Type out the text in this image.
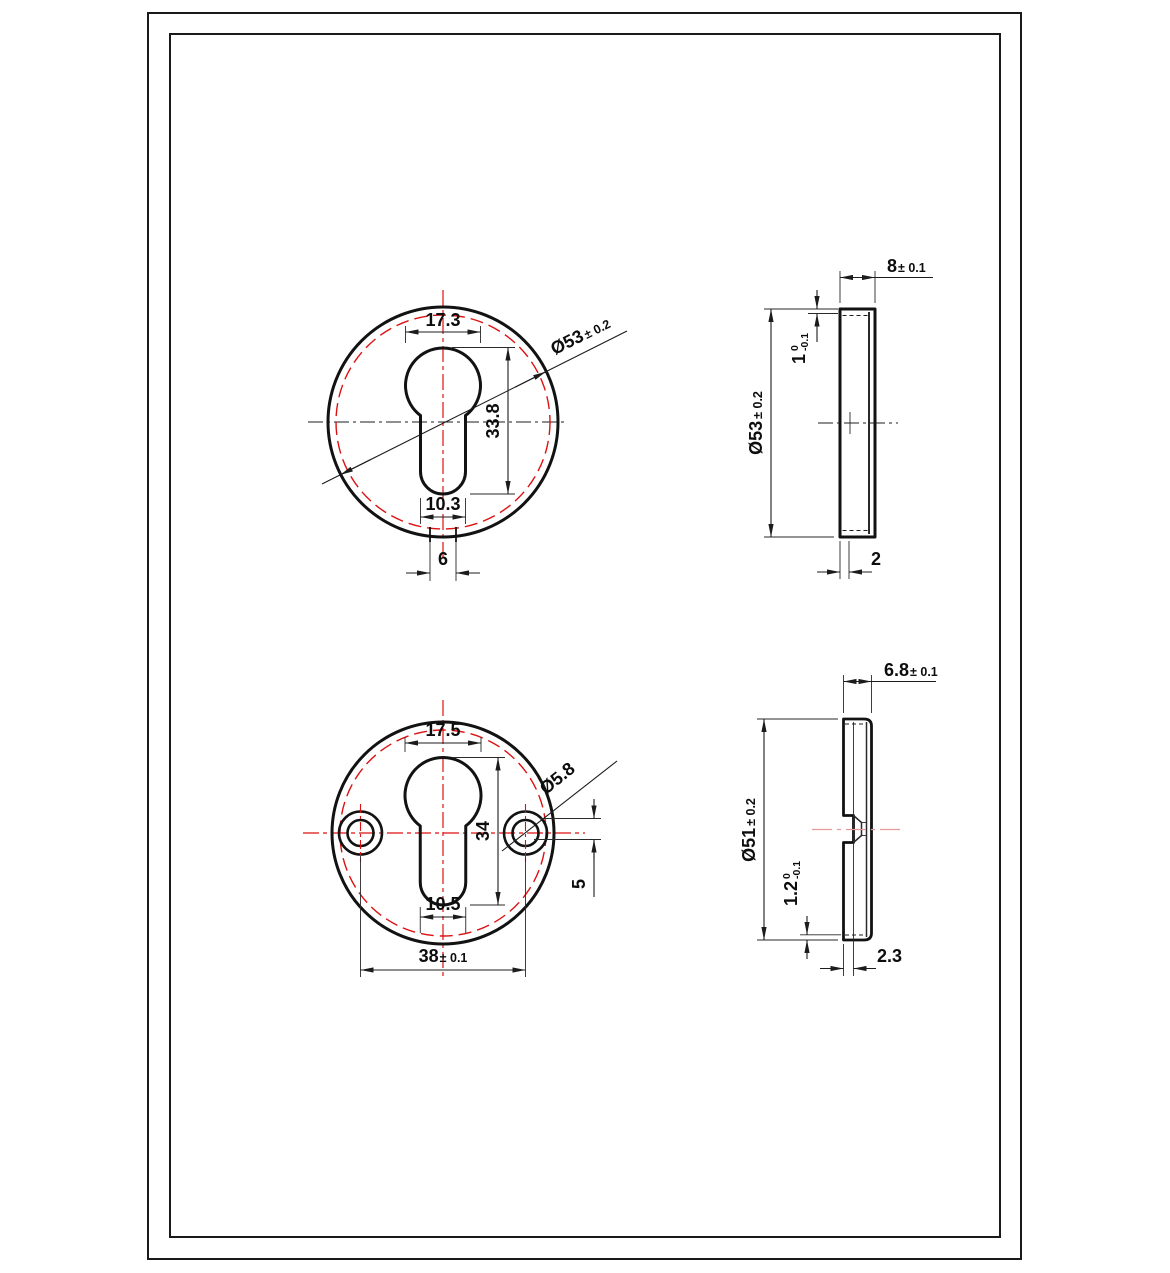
17.3
33.8
10.3
6
Ø53± 0.2
8± 0.1
Ø53± 0.2
1
0
-0.1
2
17.5
34
10.5
38± 0.1
Ø5.8
5
6.8± 0.1
Ø51± 0.2
1.2
0
-0.1
2.3
